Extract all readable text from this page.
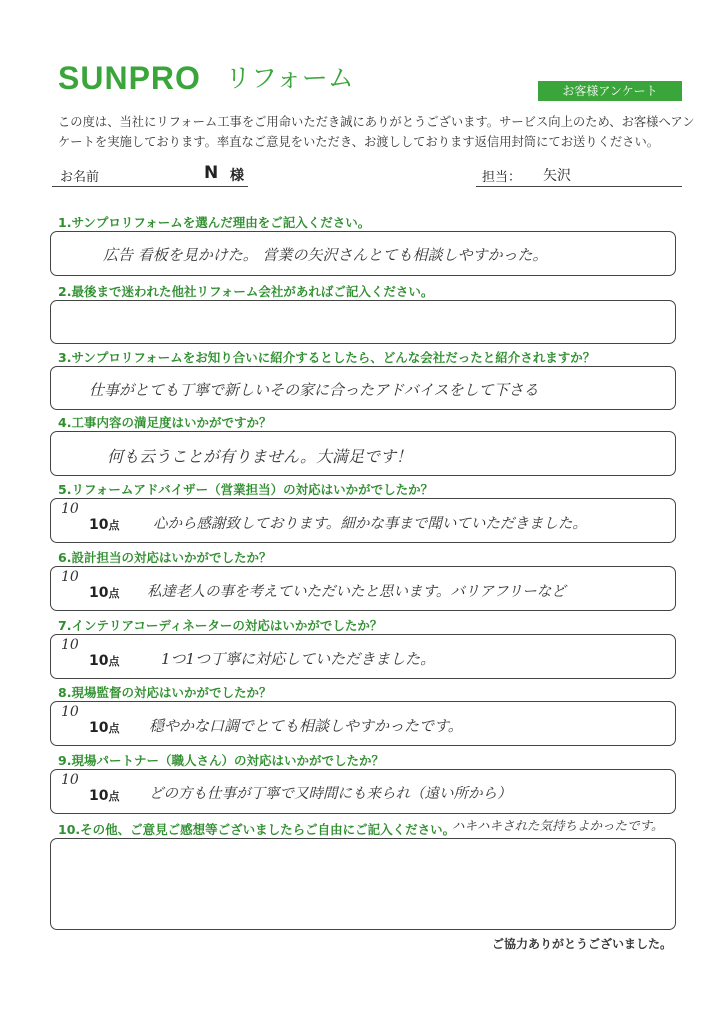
SUNPRO リフォーム	お客様アンケート
この度は、当社にリフォーム工事をご用命いただき誠にありがとうございます。サービス向上のため、お客様へアンケートを実施しております。率直なご意見をいただき、お渡ししております返信用封筒にてお送りください。
お名前	N 様	担当： 矢沢
1.サンプロリフォームを選んだ理由をご記入ください。
広告 看板を見かけた。 営業の矢沢さんとても相談しやすかった。
2.最後まで迷われた他社リフォーム会社があればご記入ください。
3.サンプロリフォームをお知り合いに紹介するとしたら、どんな会社だったと紹介されますか？
仕事がとても丁寧で新しいその家に合ったアドバイスをして下さる
4.工事内容の満足度はいかがですか？
何も云うことが有りません。大満足です！
5.リフォームアドバイザー（営業担当）の対応はいかがでしたか？
10
10点 心から感謝致しております。細かな事まで聞いていただきました。
6.設計担当の対応はいかがでしたか？
10
10点 私達老人の事を考えていただいたと思います。バリアフリーなど
7.インテリアコーディネーターの対応はいかがでしたか？
10
10点	1つ1つ丁寧に対応していただきました。
8.現場監督の対応はいかがでしたか？
10
10点 穏やかな口調でとても相談しやすかったです。
9.現場パートナー（職人さん）の対応はいかがでしたか？
10
10点 どの方も仕事が丁寧で又時間にも来られ（遠い所から）
ハキハキされた気持ちよかったです。
10.その他、ご意見ご感想等ございましたらご自由にご記入ください。
ご協力ありがとうございました。
